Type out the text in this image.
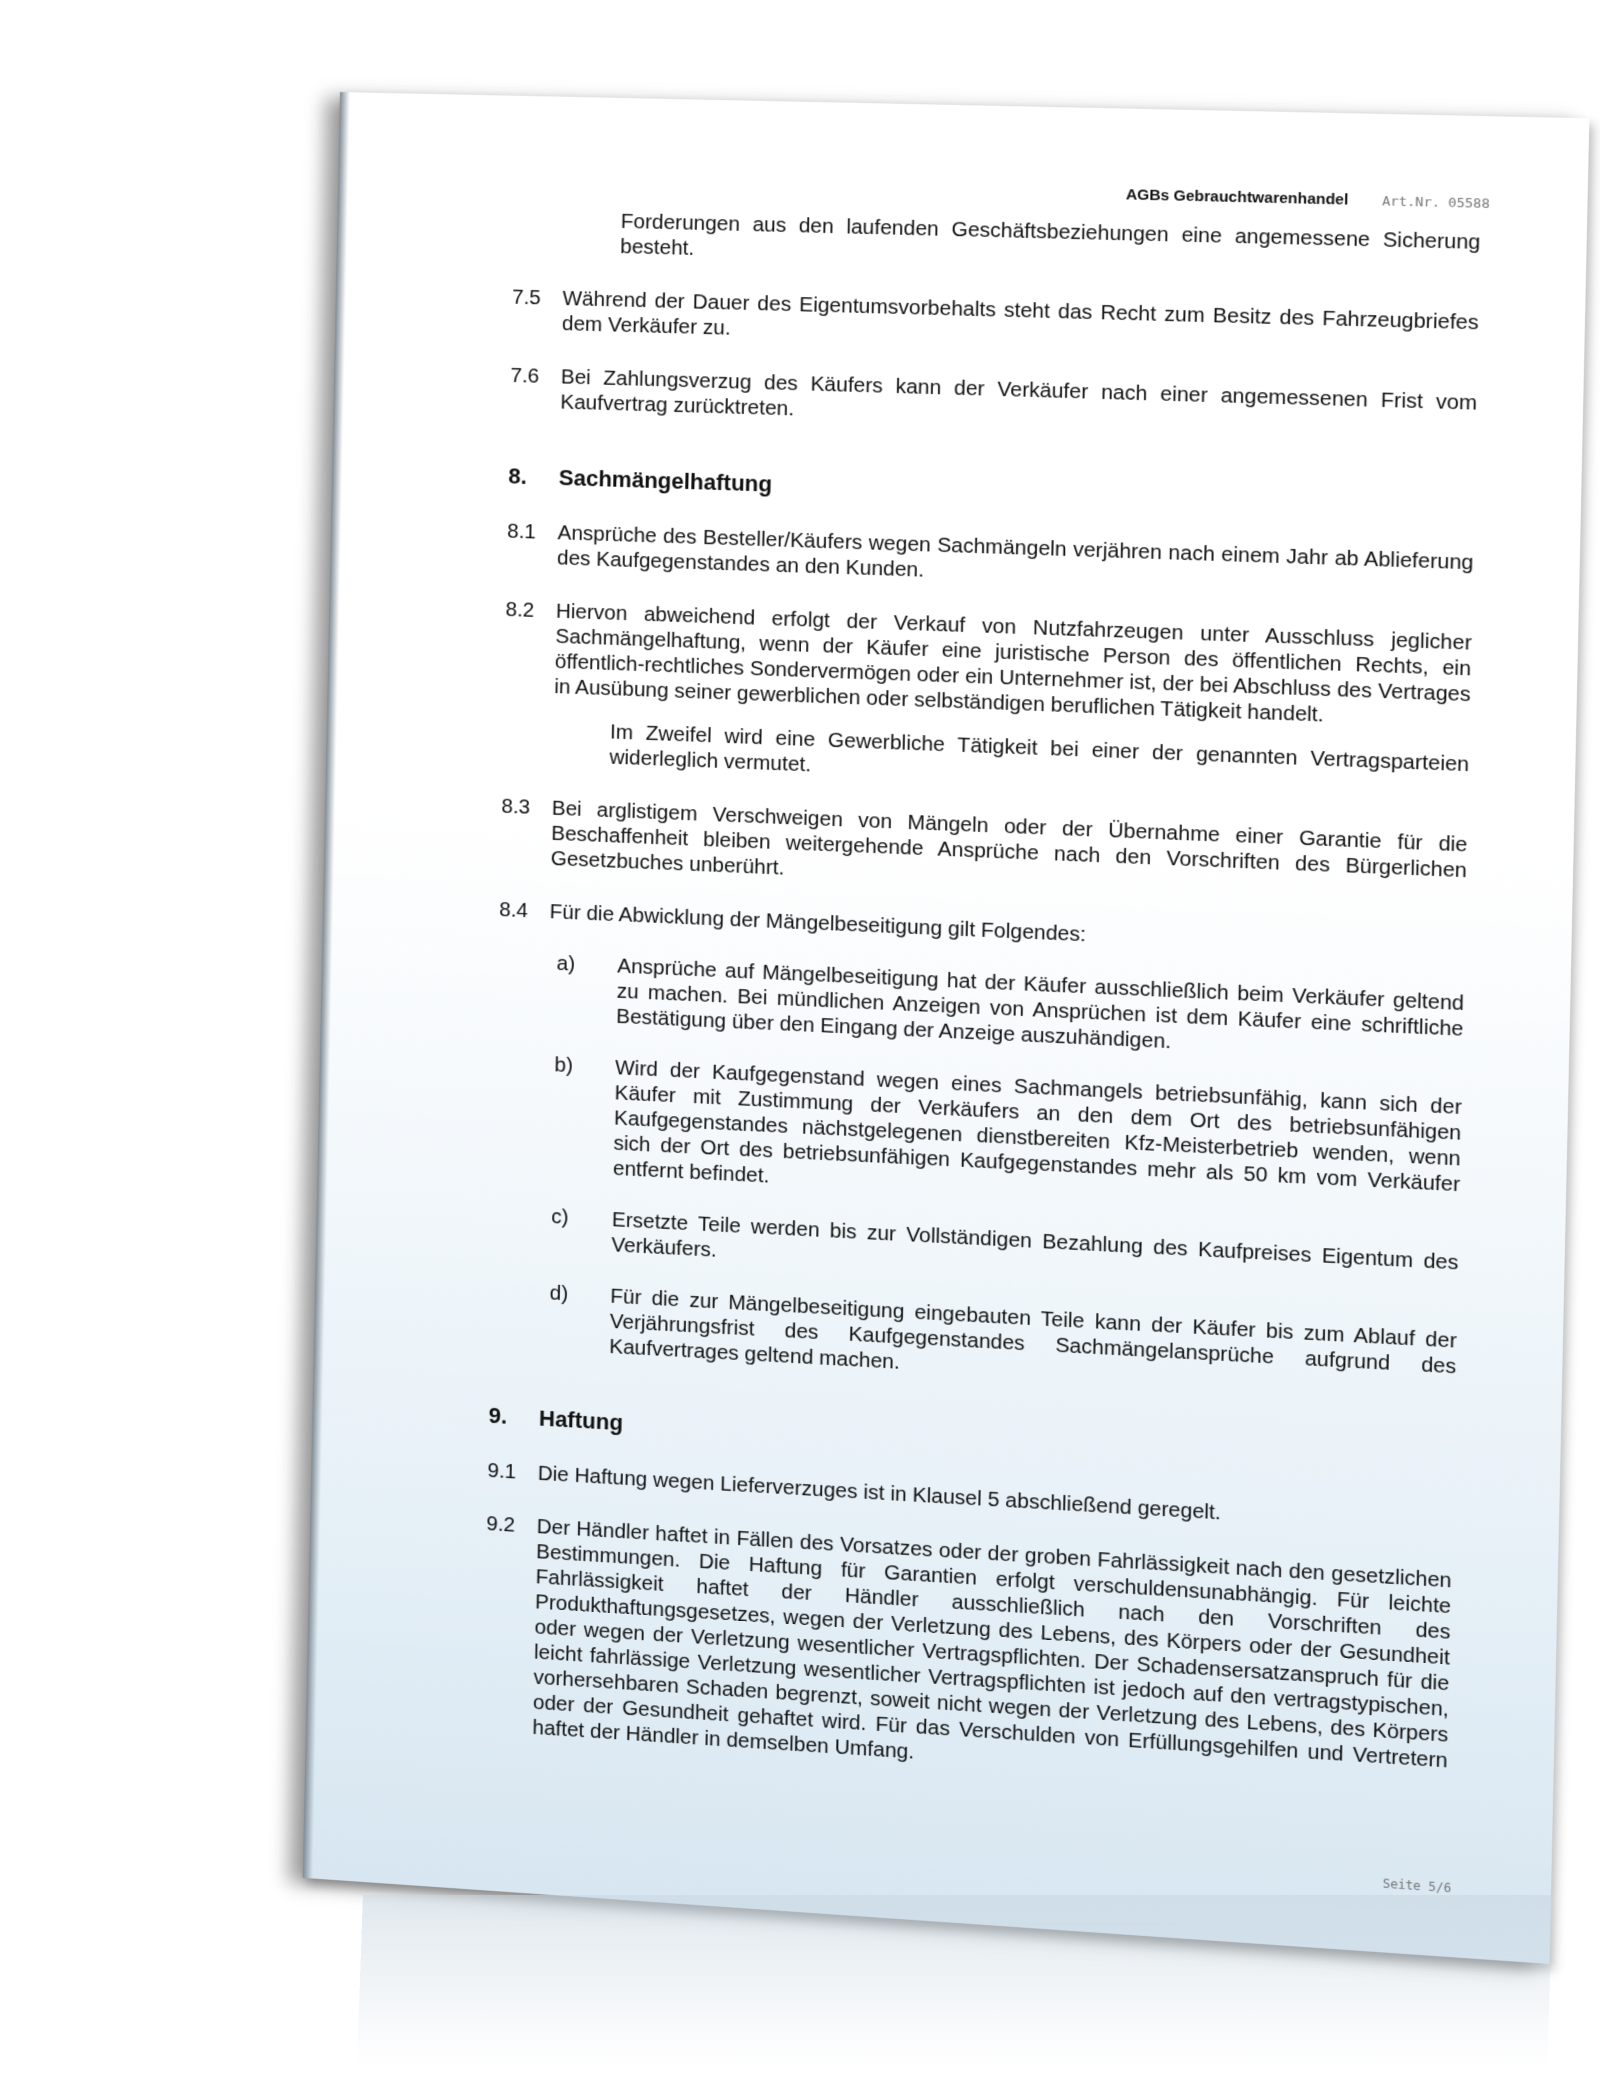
AGBs Gebrauchtwarenhandel	Art.Nr. 05588
Forderungen aus den laufenden Geschäftsbeziehungen eine angemessene Sicherung besteht.
7.5	Während der Dauer des Eigentumsvorbehalts steht das Recht zum Besitz des Fahrzeugbriefes dem Verkäufer zu.
7.6	Bei Zahlungsverzug des Käufers kann der Verkäufer nach einer angemessenen Frist vom Kaufvertrag zurücktreten.
8.	Sachmängelhaftung
8.1	Ansprüche des Besteller/Käufers wegen Sachmängeln verjähren nach einem Jahr ab Ablieferung des Kaufgegenstandes an den Kunden.
8.2	Hiervon abweichend erfolgt der Verkauf von Nutzfahrzeugen unter Ausschluss jeglicher Sachmängelhaftung, wenn der Käufer eine juristische Person des öffentlichen Rechts, ein öffentlich-rechtliches Sondervermögen oder ein Unternehmer ist, der bei Abschluss des Vertrages in Ausübung seiner gewerblichen oder selbständigen beruflichen Tätigkeit handelt.
Im Zweifel wird eine Gewerbliche Tätigkeit bei einer der genannten Vertragsparteien widerleglich vermutet.
8.3	Bei arglistigem Verschweigen von Mängeln oder der Übernahme einer Garantie für die Beschaffenheit bleiben weitergehende Ansprüche nach den Vorschriften des Bürgerlichen Gesetzbuches unberührt.
8.4	Für die Abwicklung der Mängelbeseitigung gilt Folgendes:
a)	Ansprüche auf Mängelbeseitigung hat der Käufer ausschließlich beim Verkäufer geltend zu machen. Bei mündlichen Anzeigen von Ansprüchen ist dem Käufer eine schriftliche Bestätigung über den Eingang der Anzeige auszuhändigen.
b)	Wird der Kaufgegenstand wegen eines Sachmangels betriebsunfähig, kann sich der Käufer mit Zustimmung der Verkäufers an den dem Ort des betriebsunfähigen Kaufgegenstandes nächstgelegenen dienstbereiten Kfz-Meisterbetrieb wenden, wenn sich der Ort des betriebsunfähigen Kaufgegenstandes mehr als 50 km vom Verkäufer entfernt befindet.
c)	Ersetzte Teile werden bis zur Vollständigen Bezahlung des Kaufpreises Eigentum des Verkäufers.
d)	Für die zur Mängelbeseitigung eingebauten Teile kann der Käufer bis zum Ablauf der Verjährungsfrist des Kaufgegenstandes Sachmängelansprüche aufgrund des Kaufvertrages geltend machen.
9.	Haftung
9.1	Die Haftung wegen Lieferverzuges ist in Klausel 5 abschließend geregelt.
9.2	Der Händler haftet in Fällen des Vorsatzes oder der groben Fahrlässigkeit nach den gesetzlichen Bestimmungen. Die Haftung für Garantien erfolgt verschuldensunabhängig. Für leichte Fahrlässigkeit haftet der Händler ausschließlich nach den Vorschriften des Produkthaftungsgesetzes, wegen der Verletzung des Lebens, des Körpers oder der Gesundheit oder wegen der Verletzung wesentlicher Vertragspflichten. Der Schadensersatzanspruch für die leicht fahrlässige Verletzung wesentlicher Vertragspflichten ist jedoch auf den vertragstypischen, vorhersehbaren Schaden begrenzt, soweit nicht wegen der Verletzung des Lebens, des Körpers oder der Gesundheit gehaftet wird. Für das Verschulden von Erfüllungsgehilfen und Vertretern haftet der Händler in demselben Umfang.
Seite 5/6
